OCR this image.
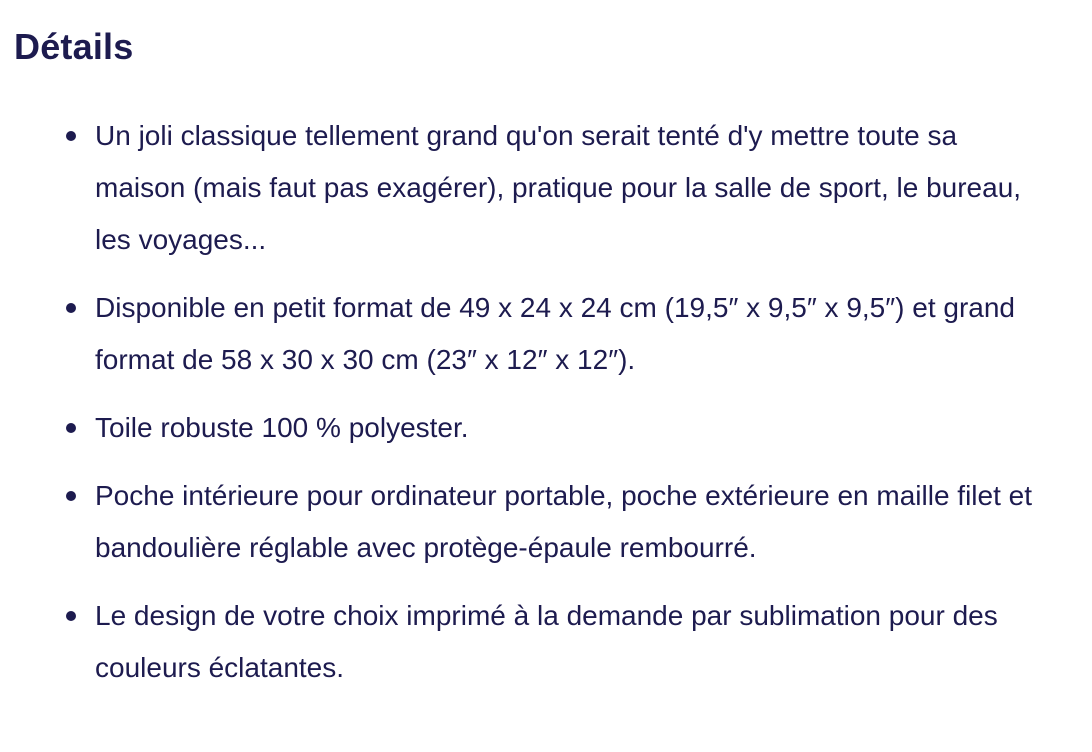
Détails
Un joli classique tellement grand qu'on serait tenté d'y mettre toute sa maison (mais faut pas exagérer), pratique pour la salle de sport, le bureau, les voyages...
Disponible en petit format de 49 x 24 x 24 cm (19,5″ x 9,5″ x 9,5″) et grand format de 58 x 30 x 30 cm (23″ x 12″ x 12″).
Toile robuste 100 % polyester.
Poche intérieure pour ordinateur portable, poche extérieure en maille filet et bandoulière réglable avec protège-épaule rembourré.
Le design de votre choix imprimé à la demande par sublimation pour des couleurs éclatantes.
